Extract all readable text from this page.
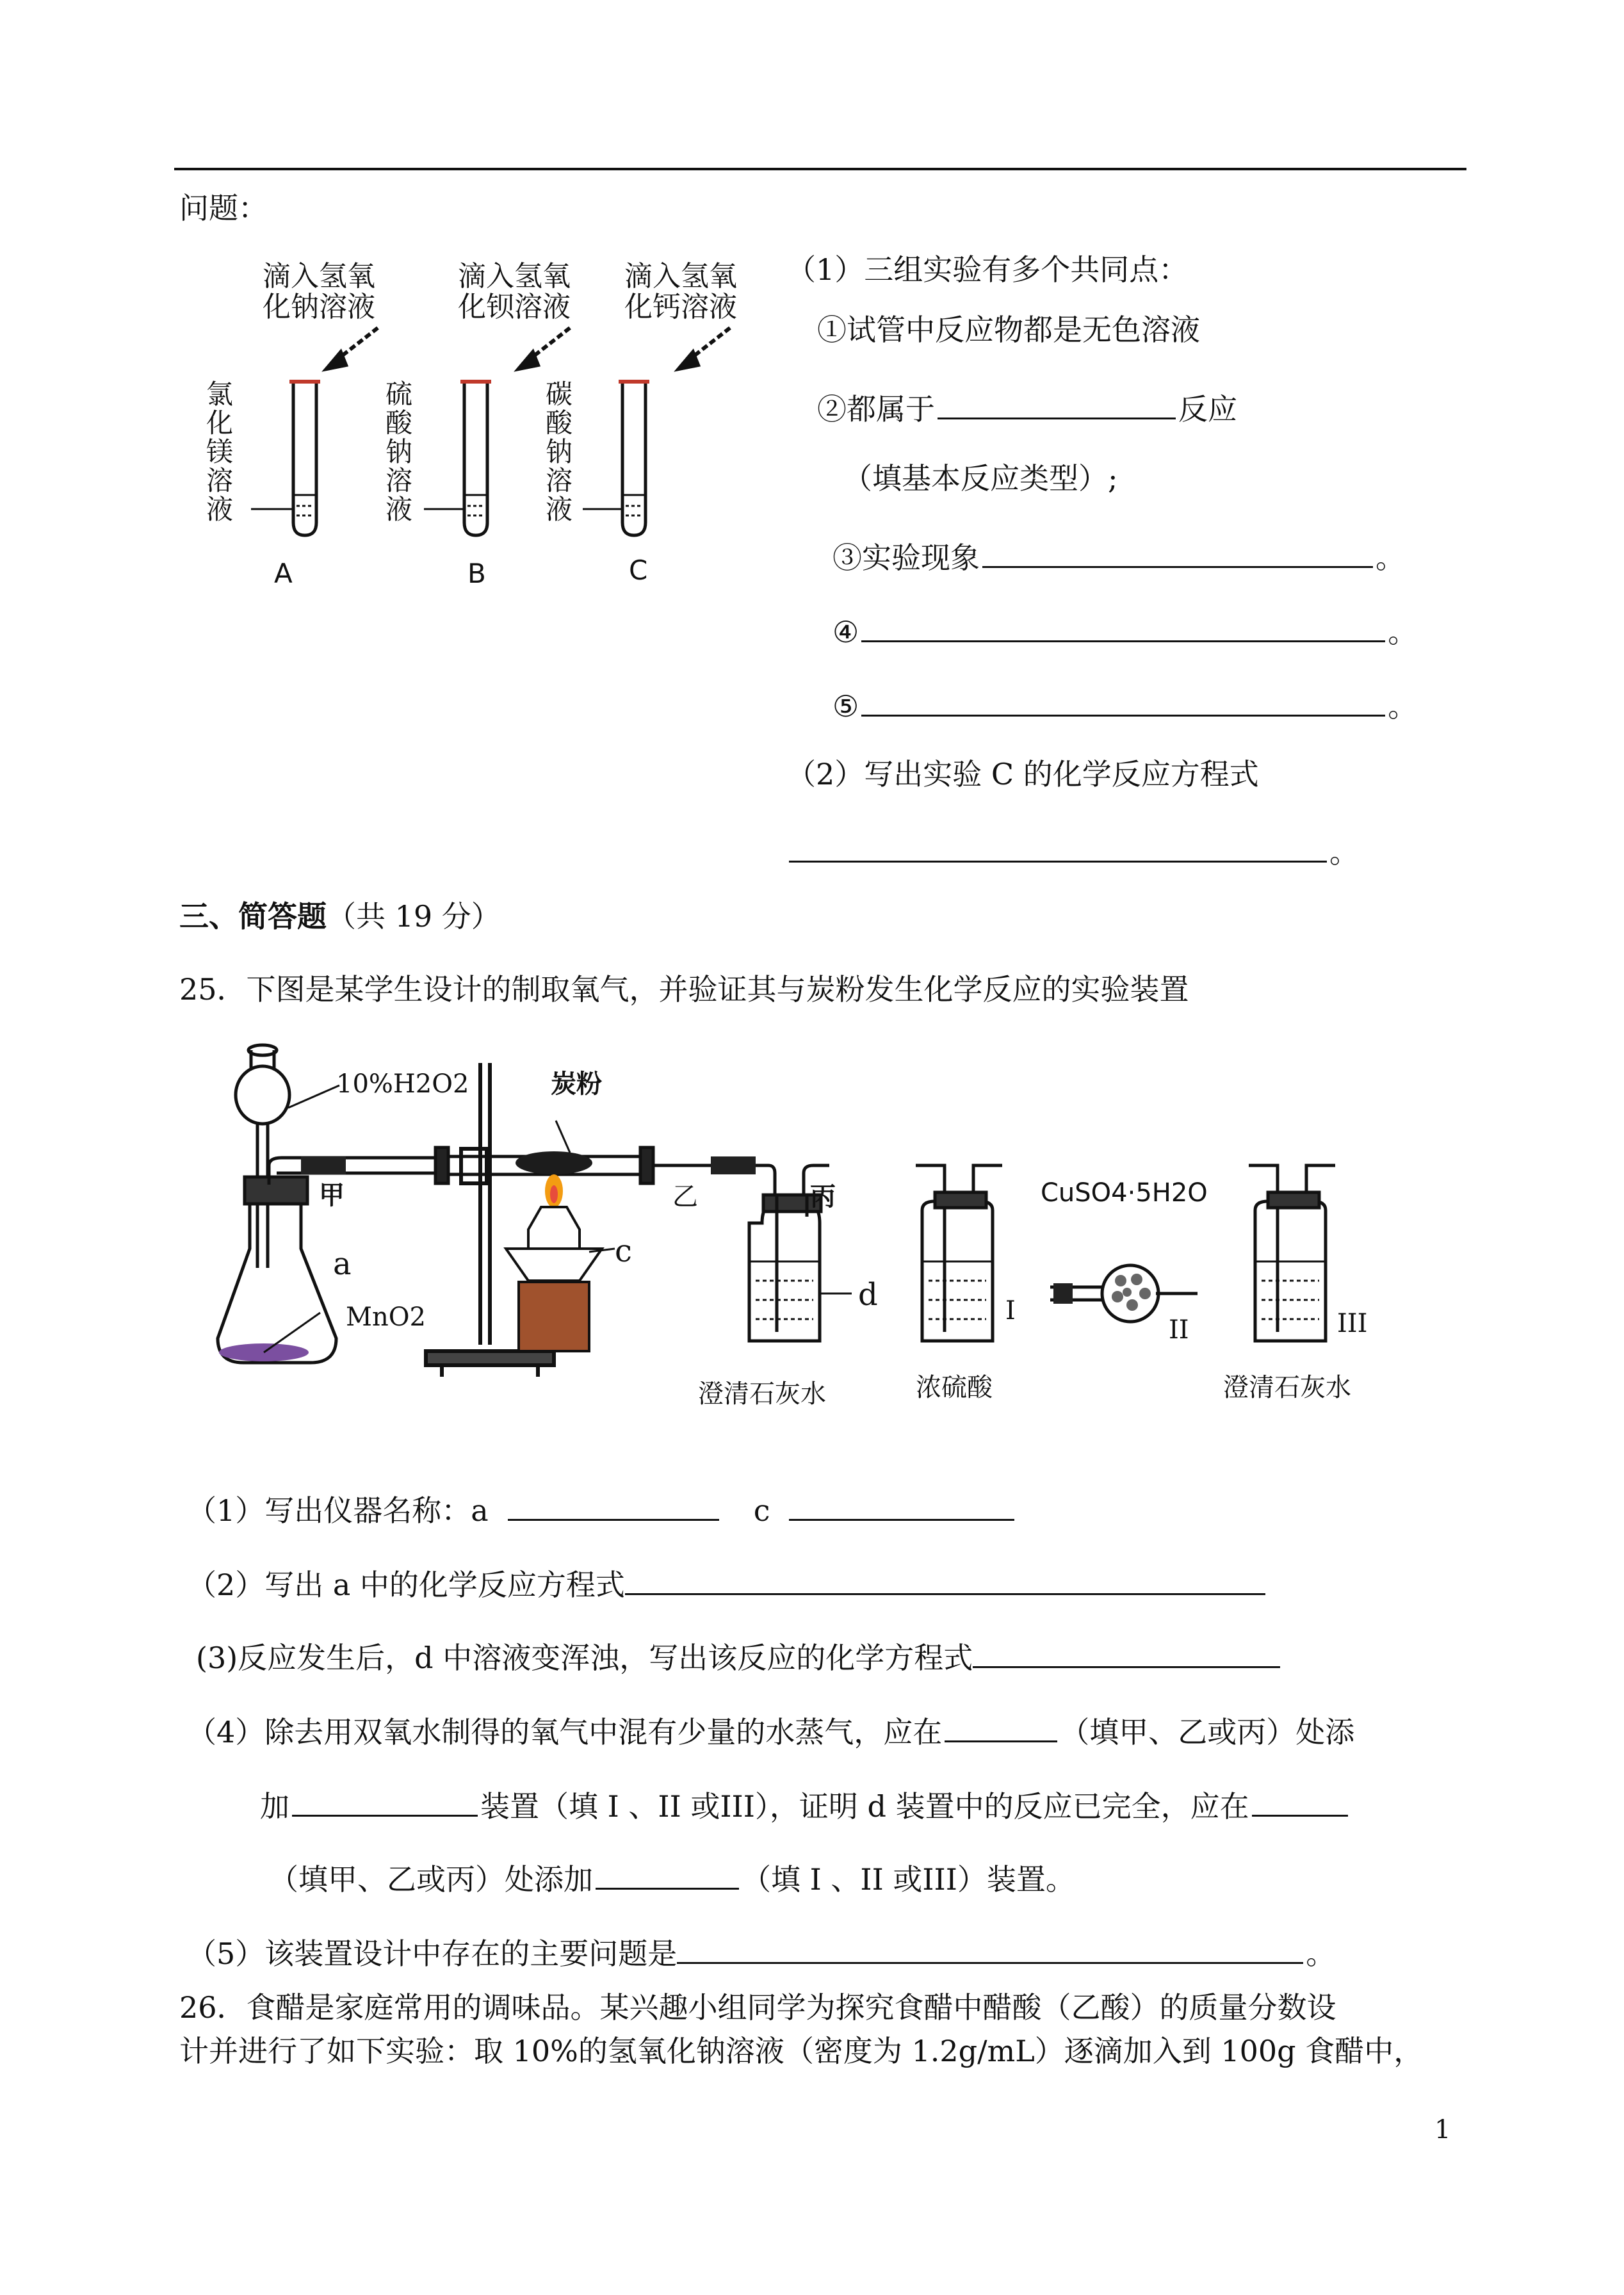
问题：
滴入氢氧
化钠溶液
滴入氢氧
化钡溶液
滴入氢氧
化钙溶液
氯
化
镁
溶
液
硫
酸
钠
溶
液
碳
酸
钠
溶
液
A	B	C
（1）三组实验有多个共同点：
①试管中反应物都是无色溶液
②都属于	反应
（填基本反应类型）;
③实验现象	。
④	。
⑤	。
（2）写出实验 C 的化学反应方程式
。
三、简答题（共 19 分）
25．下图是某学生设计的制取氧气，并验证其与炭粉发生化学反应的实验装置
10%H2O2
MnO2
a	c
d	I
II	III
炭粉
甲	乙	丙	CuSO4·5H2O
澄清石灰水	浓硫酸	澄清石灰水
（1）写出仪器名称：a	c
（2）写出 a 中的化学反应方程式
(3)反应发生后，d 中溶液变浑浊，写出该反应的化学方程式
（4）除去用双氧水制得的氧气中混有少量的水蒸气，应在	（填甲、乙或丙）处添
加	装置（填 I 、II 或III），证明 d 装置中的反应已完全，应在
（填甲、乙或丙）处添加	（填 I 、II 或III）装置。
（5）该装置设计中存在的主要问题是	。
26．食醋是家庭常用的调味品。某兴趣小组同学为探究食醋中醋酸（乙酸）的质量分数设
计并进行了如下实验：取 10%的氢氧化钠溶液（密度为 1.2g/mL）逐滴加入到 100g 食醋中，
1
